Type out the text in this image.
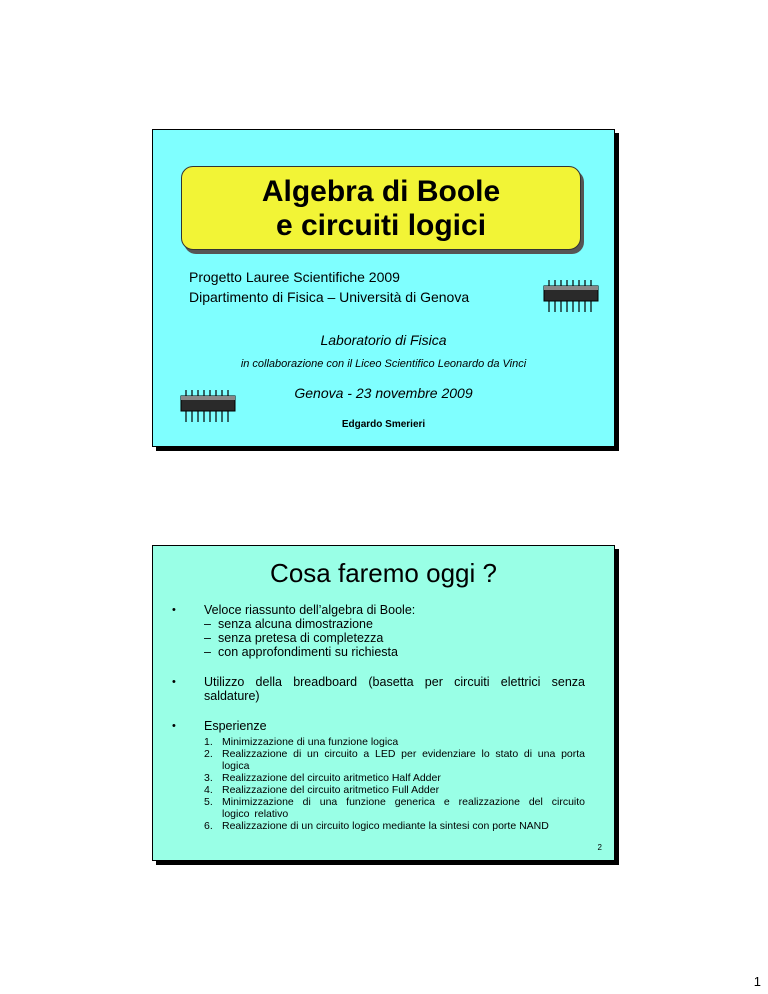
Algebra di Boole
e circuiti logici
Progetto Lauree Scientifiche 2009
Dipartimento di Fisica – Università di Genova
Laboratorio di Fisica
in collaborazione con il Liceo Scientifico Leonardo da Vinci
Genova - 23 novembre 2009
Edgardo Smerieri
Cosa faremo oggi ?
•	Veloce riassunto dell’algebra di Boole:
– senza alcuna dimostrazione
– senza pretesa di completezza
– con approfondimenti su richiesta
•	Utilizzo della breadboard (basetta per circuiti elettrici senza saldature)
•	Esperienze
1. Minimizzazione di una funzione logica
2. Realizzazione di un circuito a LED per evidenziare lo stato di una porta logica
3. Realizzazione del circuito aritmetico Half Adder
4. Realizzazione del circuito aritmetico Full Adder
5. Minimizzazione di una funzione generica e realizzazione del circuito logico relativo
6. Realizzazione di un circuito logico mediante la sintesi con porte NAND
2
1
